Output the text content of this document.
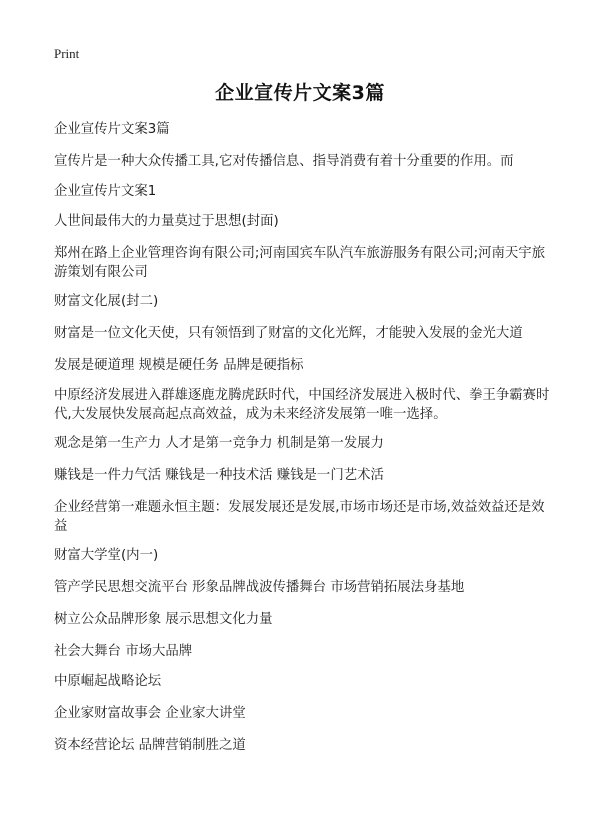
Print
企业宣传片文案3篇
企业宣传片文案3篇
宣传片是一种大众传播工具,它对传播信息、指导消费有着十分重要的作用。而
企业宣传片文案1
人世间最伟大的力量莫过于思想(封面)
郑州在路上企业管理咨询有限公司;河南国宾车队汽车旅游服务有限公司;河南天宇旅游策划有限公司
财富文化展(封二)
财富是一位文化天使，只有领悟到了财富的文化光辉，才能驶入发展的金光大道
发展是硬道理 规模是硬任务 品牌是硬指标
中原经济发展进入群雄逐鹿龙腾虎跃时代，中国经济发展进入极时代、拳王争霸赛时代,大发展快发展高起点高效益，成为未来经济发展第一唯一选择。
观念是第一生产力 人才是第一竞争力 机制是第一发展力
赚钱是一件力气活 赚钱是一种技术活 赚钱是一门艺术活
企业经营第一难题永恒主题：发展发展还是发展,市场市场还是市场,效益效益还是效益
财富大学堂(内一)
管产学民思想交流平台 形象品牌战波传播舞台 市场营销拓展法身基地
树立公众品牌形象 展示思想文化力量
社会大舞台 市场大品牌
中原崛起战略论坛
企业家财富故事会 企业家大讲堂
资本经营论坛 品牌营销制胜之道
